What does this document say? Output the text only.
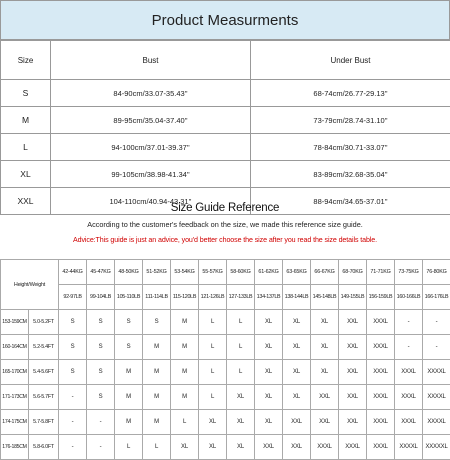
Product Measurments
Size	Bust	Under Bust
S	84-90cm/33.07-35.43''	68-74cm/26.77-29.13''
M	89-95cm/35.04-37.40''	73-79cm/28.74-31.10''
L	94-100cm/37.01-39.37''	78-84cm/30.71-33.07''
XL	99-105cm/38.98-41.34''	83-89cm/32.68-35.04''
XXL	104-110cm/40.94-43.31''	88-94cm/34.65-37.01''
Size Guide Reference
According to the customer's feedback on the size, we made this reference size guide.
Advice:This guide is just an advice, you'd better choose the size after you read the size details table.
Height/Weight		42-44KG	45-47KG	48-50KG	51-52KG	53-54KG	55-57KG	58-60KG	61-62KG	63-65KG	66-67KG	68-70KG	71-71KG	73-75KG	76-80KG
		92-97LB	99-104LB	105-110LB	111-114LB	115-120LB	121-126LB	127-133LB	134-137LB	138-144LB	145-148LB	149-155LB	156-159LB	160-166LB	166-176LB
153-159CM	5.0-5.2FT	S	S	S	S	M	L	L	XL	XL	XL	XXL	XXXL	-	-
160-164CM	5.2-5.4FT	S	S	S	M	M	L	L	XL	XL	XL	XXL	XXXL	-	-
165-170CM	5.4-5.6FT	S	S	M	M	M	L	L	XL	XL	XL	XXL	XXXL	XXXL	XXXXL
171-173CM	5.6-5.7FT	-	S	M	M	M	L	XL	XL	XL	XXL	XXL	XXXL	XXXL	XXXXL
174-175CM	5.7-5.8FT	-	-	M	M	L	XL	XL	XL	XXL	XXL	XXL	XXXL	XXXL	XXXXL
176-185CM	5.8-6.0FT	-	-	L	L	XL	XL	XL	XXL	XXL	XXXL	XXXL	XXXL	XXXXL	XXXXXL
